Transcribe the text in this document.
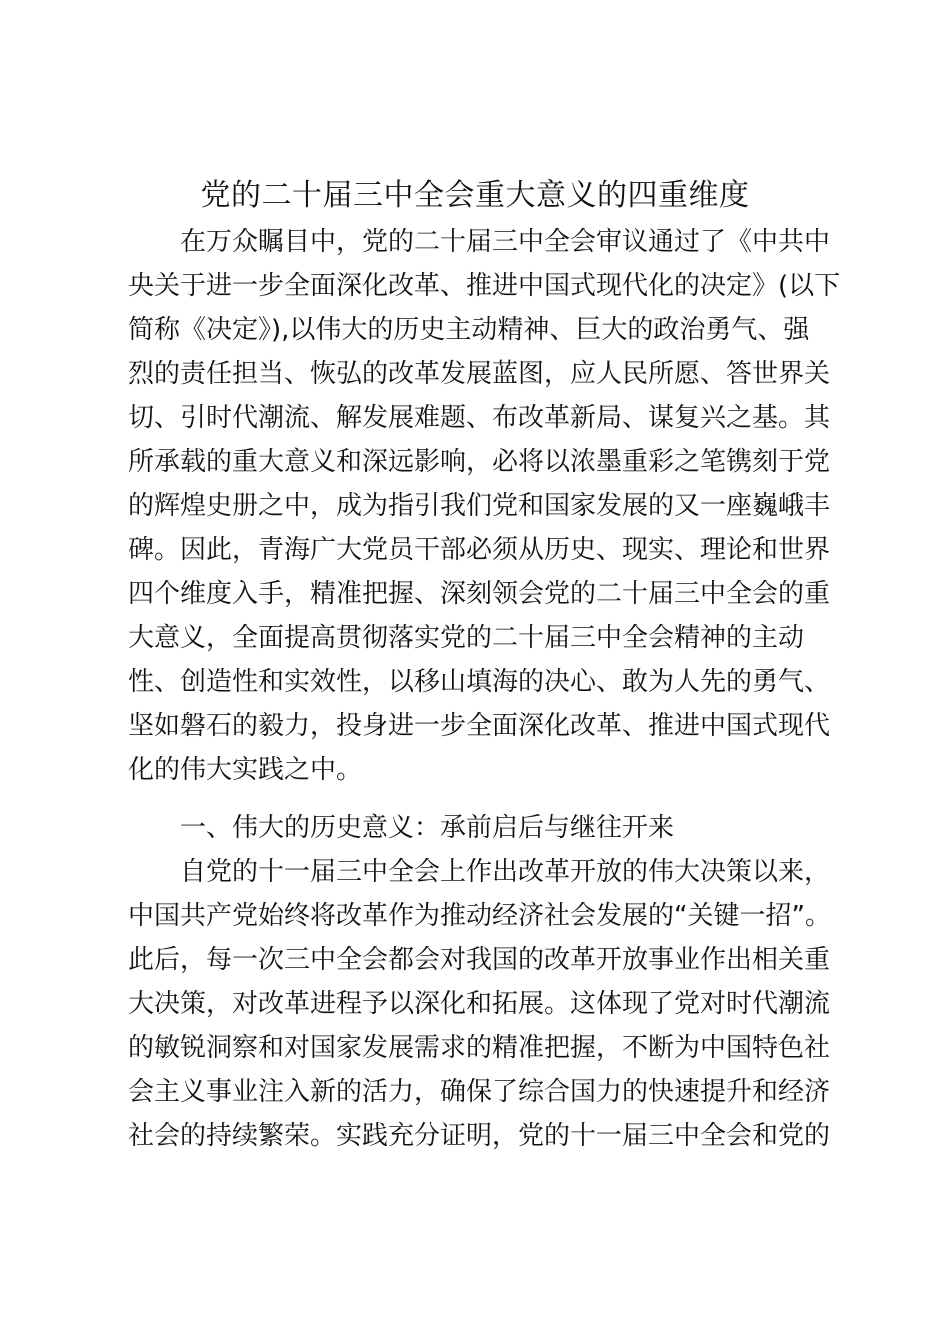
党的二十届三中全会重大意义的四重维度

在万众瞩目中，党的二十届三中全会审议通过了《中共中

央关于进一步全面深化改革、推进中国式现代化的决定》(以下

简称《决定》),以伟大的历史主动精神、巨大的政治勇气、强

烈的责任担当、恢弘的改革发展蓝图，应人民所愿、答世界关

切、引时代潮流、解发展难题、布改革新局、谋复兴之基。其

所承载的重大意义和深远影响，必将以浓墨重彩之笔镌刻于党

的辉煌史册之中，成为指引我们党和国家发展的又一座巍峨丰

碑。因此，青海广大党员干部必须从历史、现实、理论和世界

四个维度入手，精准把握、深刻领会党的二十届三中全会的重

大意义，全面提高贯彻落实党的二十届三中全会精神的主动

性、创造性和实效性，以移山填海的决心、敢为人先的勇气、

坚如磐石的毅力，投身进一步全面深化改革、推进中国式现代

化的伟大实践之中。

一、伟大的历史意义：承前启后与继往开来

自党的十一届三中全会上作出改革开放的伟大决策以来，

中国共产党始终将改革作为推动经济社会发展的“关键一招”。

此后，每一次三中全会都会对我国的改革开放事业作出相关重

大决策，对改革进程予以深化和拓展。这体现了党对时代潮流

的敏锐洞察和对国家发展需求的精准把握，不断为中国特色社

会主义事业注入新的活力，确保了综合国力的快速提升和经济

社会的持续繁荣。实践充分证明，党的十一届三中全会和党的
